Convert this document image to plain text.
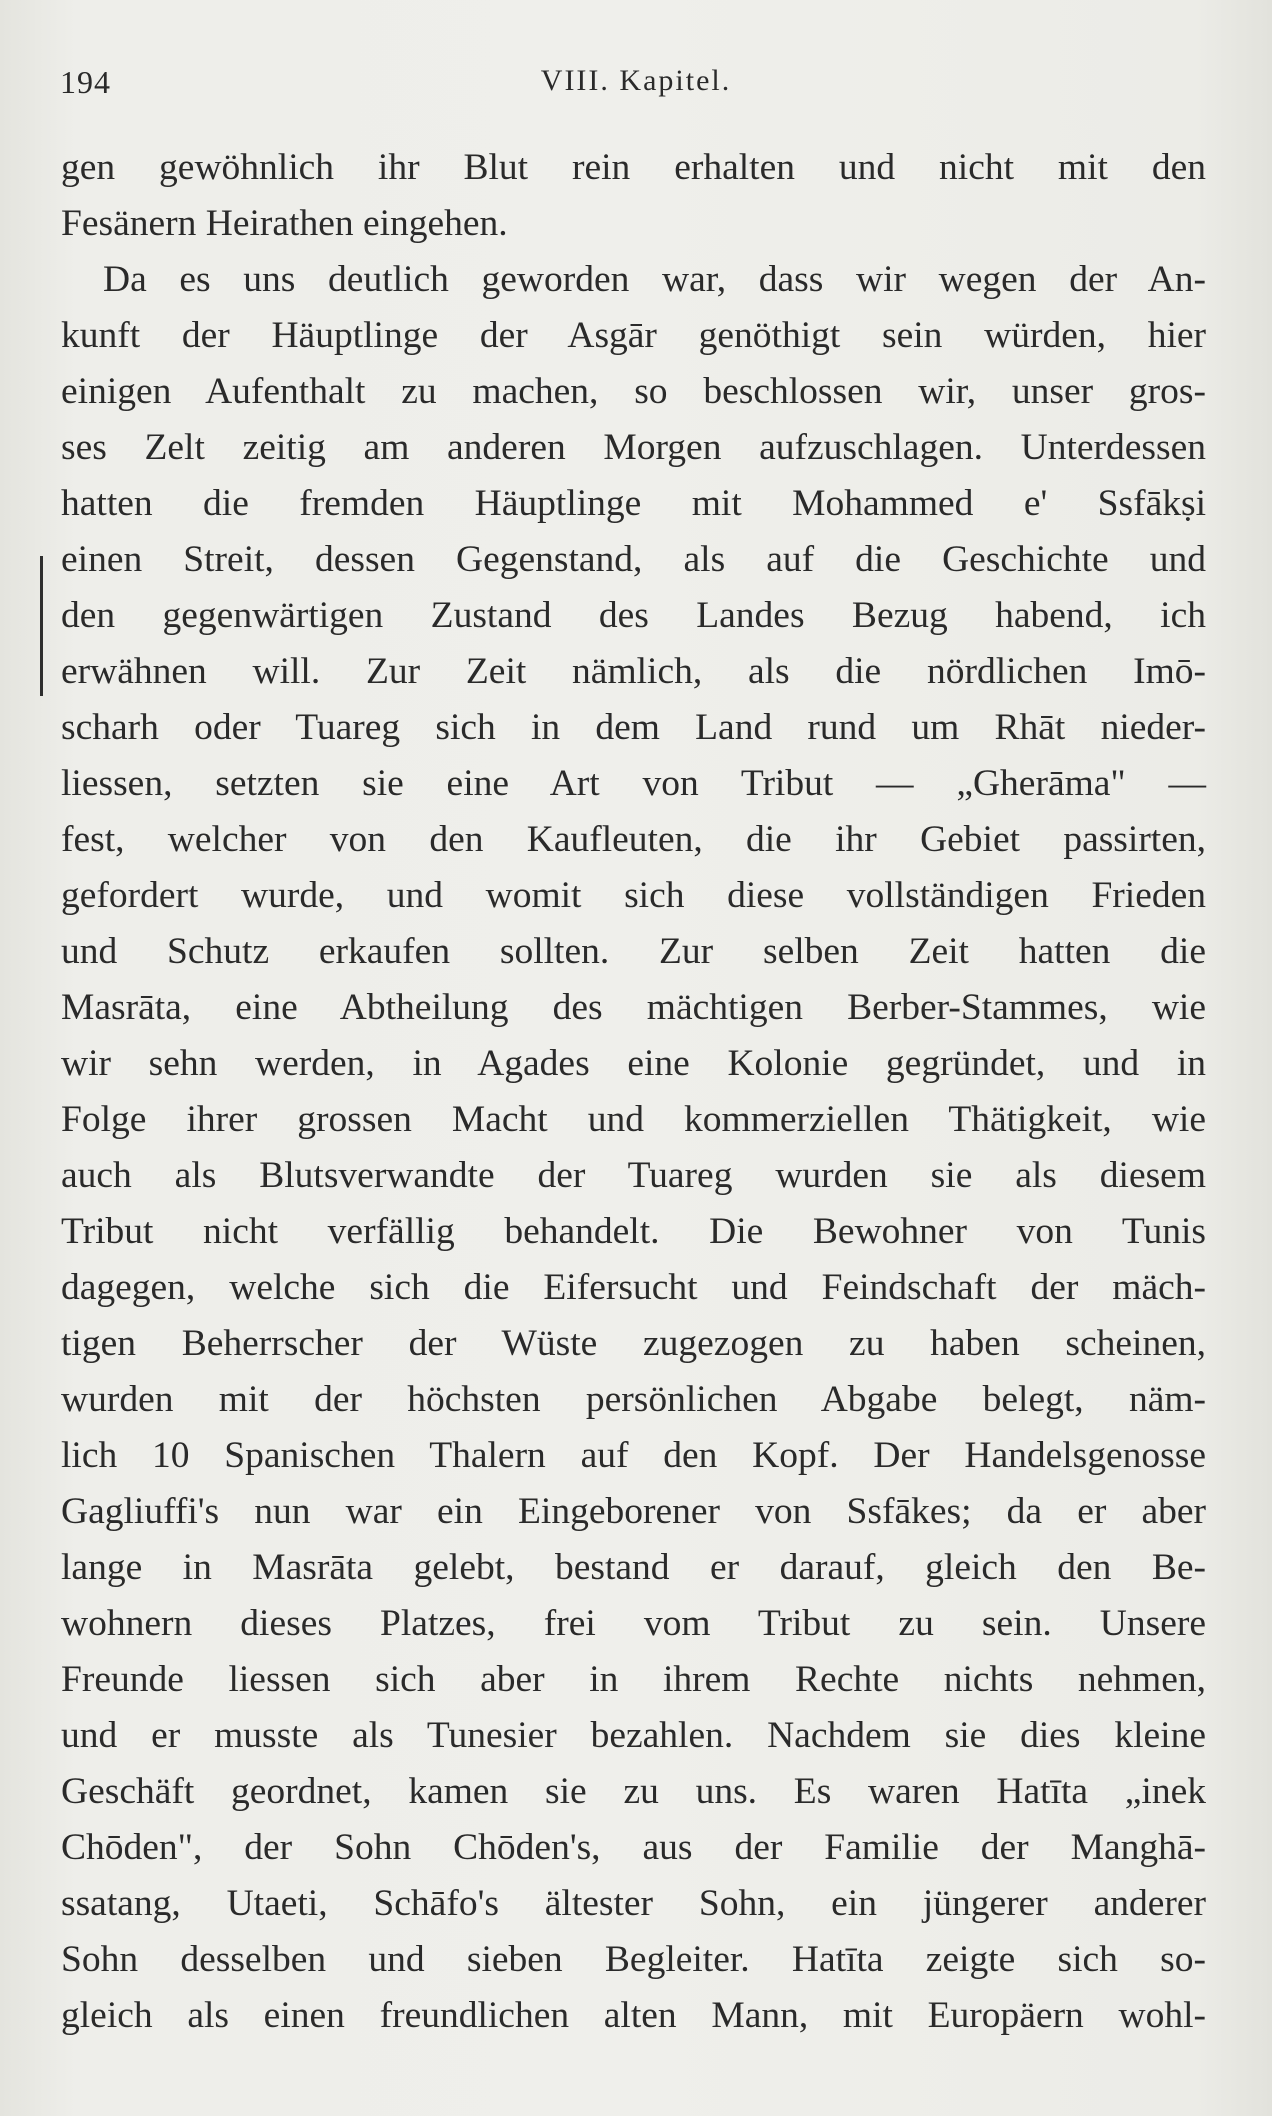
194	VIII. Kapitel.
gen gewöhnlich ihr Blut rein erhalten und nicht mit den
Fesänern Heirathen eingehen.
Da es uns deutlich geworden war, dass wir wegen der An-
kunft der Häuptlinge der Asgār genöthigt sein würden, hier
einigen Aufenthalt zu machen, so beschlossen wir, unser gros-
ses Zelt zeitig am anderen Morgen aufzuschlagen. Unterdessen
hatten die fremden Häuptlinge mit Mohammed e' Ssfākṣi
einen Streit, dessen Gegenstand, als auf die Geschichte und
den gegenwärtigen Zustand des Landes Bezug habend, ich
erwähnen will. Zur Zeit nämlich, als die nördlichen Imō-
scharh oder Tuareg sich in dem Land rund um Rhāt nieder-
liessen, setzten sie eine Art von Tribut — „Gherāma" —
fest, welcher von den Kaufleuten, die ihr Gebiet passirten,
gefordert wurde, und womit sich diese vollständigen Frieden
und Schutz erkaufen sollten. Zur selben Zeit hatten die
Masrāta, eine Abtheilung des mächtigen Berber-Stammes, wie
wir sehn werden, in Agades eine Kolonie gegründet, und in
Folge ihrer grossen Macht und kommerziellen Thätigkeit, wie
auch als Blutsverwandte der Tuareg wurden sie als diesem
Tribut nicht verfällig behandelt. Die Bewohner von Tunis
dagegen, welche sich die Eifersucht und Feindschaft der mäch-
tigen Beherrscher der Wüste zugezogen zu haben scheinen,
wurden mit der höchsten persönlichen Abgabe belegt, näm-
lich 10 Spanischen Thalern auf den Kopf. Der Handelsgenosse
Gagliuffi's nun war ein Eingeborener von Ssfākes; da er aber
lange in Masrāta gelebt, bestand er darauf, gleich den Be-
wohnern dieses Platzes, frei vom Tribut zu sein. Unsere
Freunde liessen sich aber in ihrem Rechte nichts nehmen,
und er musste als Tunesier bezahlen. Nachdem sie dies kleine
Geschäft geordnet, kamen sie zu uns. Es waren Hatīta „inek
Chōden", der Sohn Chōden's, aus der Familie der Manghā-
ssatang, Utaeti, Schāfo's ältester Sohn, ein jüngerer anderer
Sohn desselben und sieben Begleiter. Hatīta zeigte sich so-
gleich als einen freundlichen alten Mann, mit Europäern wohl-
